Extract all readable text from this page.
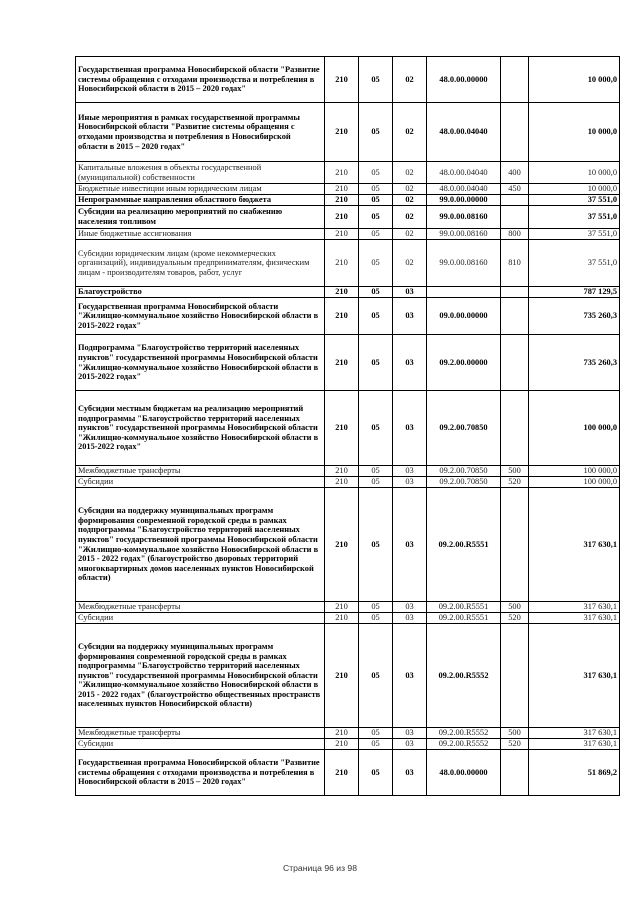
Государственная программа Новосибирской области "Развитие системы обращения с отходами производства и потребления в Новосибирской области в 2015 – 2020 годах"	210	05	02	48.0.00.00000		10 000,0
Иные мероприятия в рамках государственной программы Новосибирской области "Развитие системы обращения с отходами производства и потребления в Новосибирской области в 2015 – 2020 годах"	210	05	02	48.0.00.04040		10 000,0
Капитальные вложения в объекты государственной (муниципальной) собственности	210	05	02	48.0.00.04040	400	10 000,0
Бюджетные инвестиции иным юридическим лицам	210	05	02	48.0.00.04040	450	10 000,0
Непрограммные направления областного бюджета	210	05	02	99.0.00.00000		37 551,0
Субсидии на реализацию мероприятий по снабжению населения топливом	210	05	02	99.0.00.08160		37 551,0
Иные бюджетные ассигнования	210	05	02	99.0.00.08160	800	37 551,0
Субсидии юридическим лицам (кроме некоммерческих организаций), индивидуальным предпринимателям, физическим лицам - производителям товаров, работ, услуг	210	05	02	99.0.00.08160	810	37 551,0
Благоустройство	210	05	03			787 129,5
Государственная программа Новосибирской области "Жилищно-коммунальное хозяйство Новосибирской области в 2015-2022 годах"	210	05	03	09.0.00.00000		735 260,3
Подпрограмма "Благоустройство территорий населенных пунктов" государственной программы Новосибирской области "Жилищно-коммунальное хозяйство Новосибирской области в 2015-2022 годах"	210	05	03	09.2.00.00000		735 260,3
Субсидии местным бюджетам на реализацию мероприятий подпрограммы "Благоустройство территорий населенных пунктов" государственной программы Новосибирской области "Жилищно-коммунальное хозяйство Новосибирской области в 2015-2022 годах"	210	05	03	09.2.00.70850		100 000,0
Межбюджетные трансферты	210	05	03	09.2.00.70850	500	100 000,0
Субсидии	210	05	03	09.2.00.70850	520	100 000,0
Субсидии на поддержку муниципальных программ формирования современной городской среды в рамках подпрограммы "Благоустройство территорий населенных пунктов" государственной программы Новосибирской области "Жилищно-коммунальное хозяйство Новосибирской области в 2015 - 2022 годах" (благоустройство дворовых территорий многоквартирных домов населенных пунктов Новосибирской области)	210	05	03	09.2.00.R5551		317 630,1
Межбюджетные трансферты	210	05	03	09.2.00.R5551	500	317 630,1
Субсидии	210	05	03	09.2.00.R5551	520	317 630,1
Субсидии на поддержку муниципальных программ формирования современной городской среды в рамках подпрограммы "Благоустройство территорий населенных пунктов" государственной программы Новосибирской области "Жилищно-коммунальное хозяйство Новосибирской области в 2015 - 2022 годах" (благоустройство общественных пространств населенных пунктов Новосибирской области)	210	05	03	09.2.00.R5552		317 630,1
Межбюджетные трансферты	210	05	03	09.2.00.R5552	500	317 630,1
Субсидии	210	05	03	09.2.00.R5552	520	317 630,1
Государственная программа Новосибирской области "Развитие системы обращения с отходами производства и потребления в Новосибирской области в 2015 – 2020 годах"	210	05	03	48.0.00.00000		51 869,2
Страница 96 из 98
